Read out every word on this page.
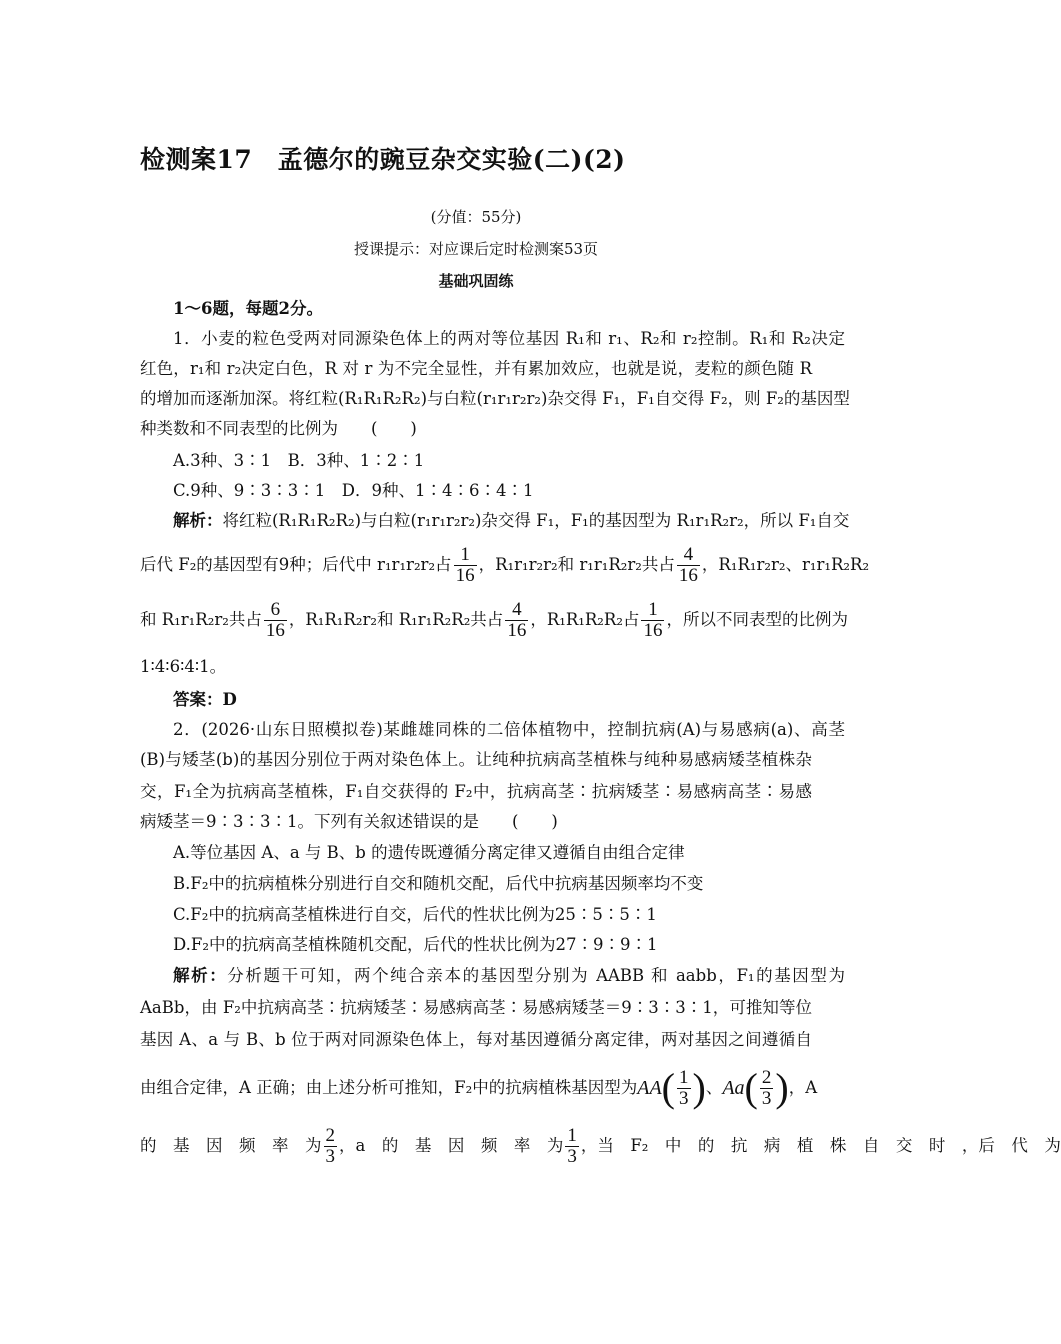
检测案17　孟德尔的豌豆杂交实验(二)(2)
(分值：55分)
授课提示：对应课后定时检测案53页
基础巩固练
1～6题，每题2分。
1．小麦的粒色受两对同源染色体上的两对等位基因 R₁和 r₁、R₂和 r₂控制。R₁和 R₂决定
红色，r₁和 r₂决定白色，R 对 r 为不完全显性，并有累加效应，也就是说，麦粒的颜色随 R
的增加而逐渐加深。将红粒(R₁R₁R₂R₂)与白粒(r₁r₁r₂r₂)杂交得 F₁，F₁自交得 F₂，则 F₂的基因型
种类数和不同表型的比例为　　(　　)
A.3种、3∶1　B．3种、1∶2∶1
C.9种、9∶3∶3∶1　D．9种、1∶4∶6∶4∶1
解析：将红粒(R₁R₁R₂R₂)与白粒(r₁r₁r₂r₂)杂交得 F₁，F₁的基因型为 R₁r₁R₂r₂，所以 F₁自交
后代 F₂的基因型有9种；后代中 r₁r₁r₂r₂占 $\frac{1}{16}$ ，R₁r₁r₂r₂和 r₁r₁R₂r₂共占 $\frac{4}{16}$ ，R₁R₁r₂r₂、r₁r₁R₂R₂
和 R₁r₁R₂r₂共占 $\frac{6}{16}$ ，R₁R₁R₂r₂和 R₁r₁R₂R₂共占 $\frac{4}{16}$ ，R₁R₁R₂R₂占 $\frac{1}{16}$ ，所以不同表型的比例为
1∶4∶6∶4∶1。
答案：D
2．(2026·山东日照模拟卷)某雌雄同株的二倍体植物中，控制抗病(A)与易感病(a)、高茎
(B)与矮茎(b)的基因分别位于两对染色体上。让纯种抗病高茎植株与纯种易感病矮茎植株杂
交，F₁全为抗病高茎植株，F₁自交获得的 F₂中，抗病高茎∶抗病矮茎∶易感病高茎∶易感
病矮茎＝9∶3∶3∶1。下列有关叙述错误的是　　(　　)
A.等位基因 A、a 与 B、b 的遗传既遵循分离定律又遵循自由组合定律
B.F₂中的抗病植株分别进行自交和随机交配，后代中抗病基因频率均不变
C.F₂中的抗病高茎植株进行自交，后代的性状比例为25∶5∶5∶1
D.F₂中的抗病高茎植株随机交配，后代的性状比例为27∶9∶9∶1
解析：分析题干可知，两个纯合亲本的基因型分别为 AABB 和 aabb，F₁的基因型为
AaBb，由 F₂中抗病高茎∶抗病矮茎∶易感病高茎∶易感病矮茎＝9∶3∶3∶1，可推知等位
基因 A、a 与 B、b 位于两对同源染色体上，每对基因遵循分离定律，两对基因之间遵循自
由组合定律，A 正确；由上述分析可推知，F₂中的抗病植株基因型为 AA ( $\frac{1}{3}$ ) 、 Aa ( $\frac{2}{3}$ ) ，A
的　基　因　频　率　为 $\frac{2}{3}$ ，a　的　基　因　频　率　为 $\frac{1}{3}$ ，当　F₂　中　的　抗　病　植　株　自　交　时　，后　代　为
